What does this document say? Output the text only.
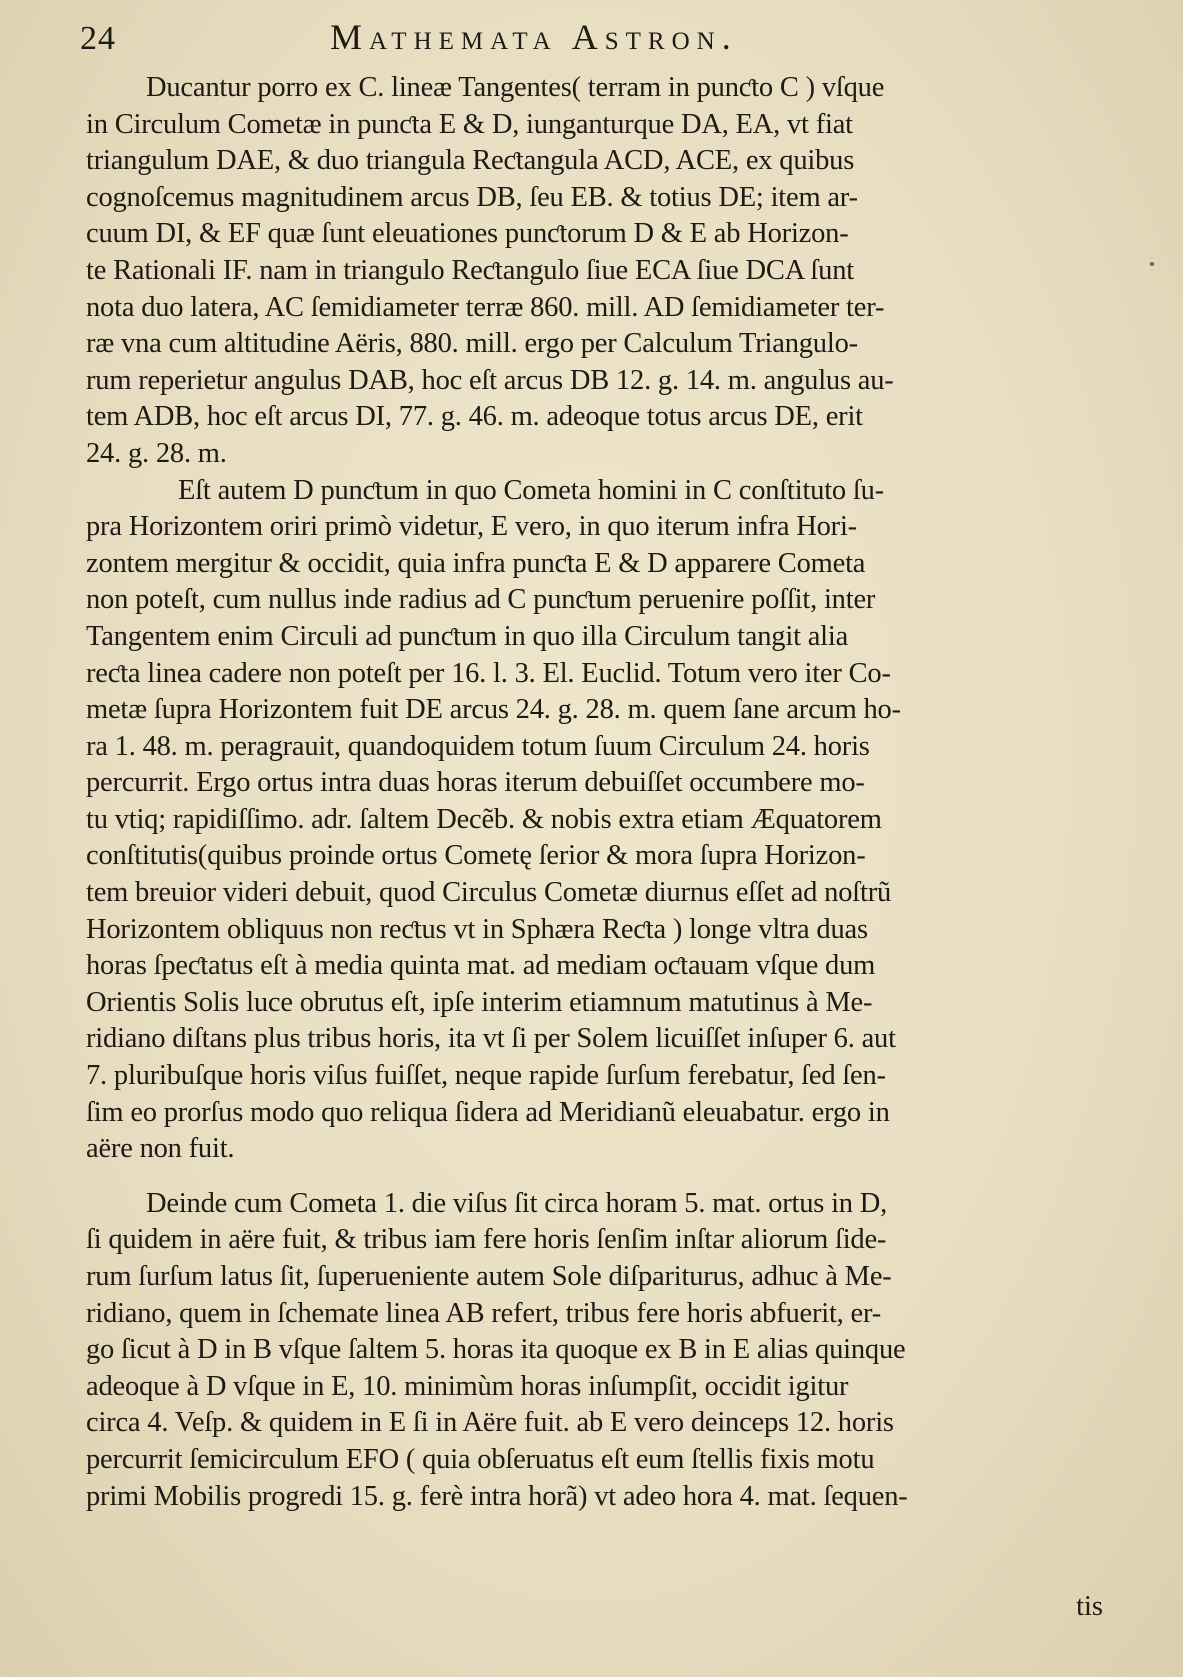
24	Mathemata Astron.
Ducantur porro ex C. lineæ Tangentes( terram in punƈto C ) vſque
in Circulum Cometæ in punƈta E & D, iunganturque DA, EA, vt fiat
triangulum DAE, & duo triangula Reƈtangula ACD, ACE, ex quibus
cognoſcemus magnitudinem arcus DB, ſeu EB. & totius DE; item ar-
cuum DI, & EF quæ ſunt eleuationes punƈtorum D & E ab Horizon-
te Rationali IF. nam in triangulo Reƈtangulo ſiue ECA ſiue DCA ſunt
nota duo latera, AC ſemidiameter terræ 860. mill. AD ſemidiameter ter-
ræ vna cum altitudine Aëris, 880. mill. ergo per Calculum Triangulo-
rum reperietur angulus DAB, hoc eſt arcus DB 12. g. 14. m. angulus au-
tem ADB, hoc eſt arcus DI, 77. g. 46. m. adeoque totus arcus DE, erit
24. g. 28. m.
Eſt autem D punƈtum in quo Cometa homini in C conſtituto ſu-
pra Horizontem oriri primò videtur, E vero, in quo iterum infra Hori-
zontem mergitur & occidit, quia infra punƈta E & D apparere Cometa
non poteſt, cum nullus inde radius ad C punƈtum peruenire poſſit, inter
Tangentem enim Circuli ad punƈtum in quo illa Circulum tangit alia
reƈta linea cadere non poteſt per 16. l. 3. El. Euclid. Totum vero iter Co-
metæ ſupra Horizontem fuit DE arcus 24. g. 28. m. quem ſane arcum ho-
ra 1. 48. m. peragrauit, quandoquidem totum ſuum Circulum 24. horis
percurrit. Ergo ortus intra duas horas iterum debuiſſet occumbere mo-
tu vtiq; rapidiſſimo. adr. ſaltem Decẽb. & nobis extra etiam Æquatorem
conſtitutis(quibus proinde ortus Cometę ſerior & mora ſupra Horizon-
tem breuior videri debuit, quod Circulus Cometæ diurnus eſſet ad noſtrũ
Horizontem obliquus non reƈtus vt in Sphæra Reƈta ) longe vltra duas
horas ſpeƈtatus eſt à media quinta mat. ad mediam oƈtauam vſque dum
Orientis Solis luce obrutus eſt, ipſe interim etiamnum matutinus à Me-
ridiano diſtans plus tribus horis, ita vt ſi per Solem licuiſſet inſuper 6. aut
7. pluribuſque horis viſus fuiſſet, neque rapide ſurſum ferebatur, ſed ſen-
ſim eo prorſus modo quo reliqua ſidera ad Meridianũ eleuabatur. ergo in
aëre non fuit.
Deinde cum Cometa 1. die viſus ſit circa horam 5. mat. ortus in D,
ſi quidem in aëre fuit, & tribus iam fere horis ſenſim inſtar aliorum ſide-
rum ſurſum latus ſit, ſuperueniente autem Sole diſpariturus, adhuc à Me-
ridiano, quem in ſchemate linea AB refert, tribus fere horis abfuerit, er-
go ſicut à D in B vſque ſaltem 5. horas ita quoque ex B in E alias quinque
adeoque à D vſque in E, 10. minimùm horas inſumpſit, occidit igitur
circa 4. Veſp. & quidem in E ſi in Aëre fuit. ab E vero deinceps 12. horis
percurrit ſemicirculum EFO ( quia obſeruatus eſt eum ſtellis fixis motu
primi Mobilis progredi 15. g. ferè intra horã) vt adeo hora 4. mat. ſequen-
tis
